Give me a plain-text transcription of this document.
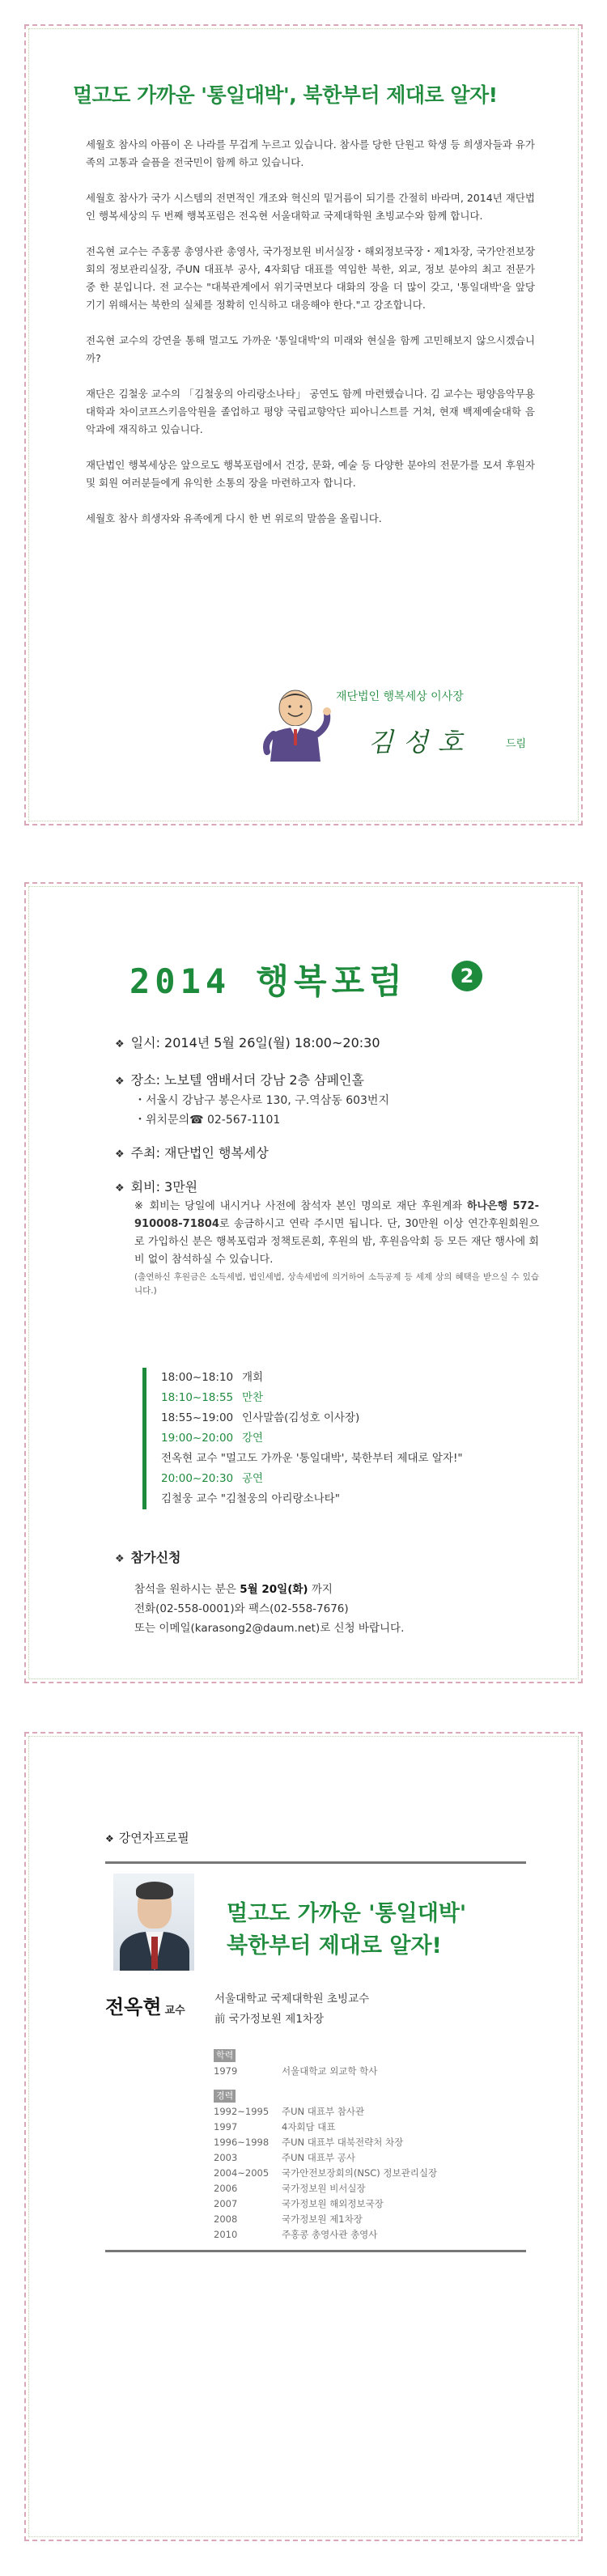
멀고도 가까운 '통일대박', 북한부터 제대로 알자!

세월호 참사의 아픔이 온 나라를 무겁게 누르고 있습니다. 참사를 당한 단원고 학생 등 희생자들과 유가족의 고통과 슬픔을 전국민이 함께 하고 있습니다.

세월호 참사가 국가 시스템의 전면적인 개조와 혁신의 밑거름이 되기를 간절히 바라며, 2014년 재단법인 행복세상의 두 번째 행복포럼은 전옥현 서울대학교 국제대학원 초빙교수와 함께 합니다.

전옥현 교수는 주홍콩 총영사관 총영사, 국가정보원 비서실장・해외정보국장・제1차장, 국가안전보장회의 정보관리실장, 주UN 대표부 공사, 4자회담 대표를 역임한 북한, 외교, 정보 분야의 최고 전문가 중 한 분입니다. 전 교수는 "대북관계에서 위기국면보다 대화의 장을 더 많이 갖고, '통일대박'을 앞당기기 위해서는 북한의 실체를 정확히 인식하고 대응해야 한다."고 강조합니다.

전옥현 교수의 강연을 통해 멀고도 가까운 '통일대박'의 미래와 현실을 함께 고민해보지 않으시겠습니까?

재단은 김철웅 교수의 「김철웅의 아리랑소나타」 공연도 함께 마련했습니다. 김 교수는 평양음악무용대학과 차이코프스키음악원을 졸업하고 평양 국립교향악단 피아니스트를 거쳐, 현재 백제예술대학 음악과에 재직하고 있습니다.

재단법인 행복세상은 앞으로도 행복포럼에서 건강, 문화, 예술 등 다양한 분야의 전문가를 모셔 후원자 및 회원 여러분들에게 유익한 소통의 장을 마련하고자 합니다.

세월호 참사 희생자와 유족에게 다시 한 번 위로의 말씀을 올립니다.

재단법인 행복세상 이사장
김성호	드림
2014 행복포럼	2
❖ 일시: 2014년 5월 26일(월) 18:00~20:30
❖ 장소: 노보텔 앰배서더 강남 2층 샴페인홀
・서울시 강남구 봉은사로 130, 구.역삼동 603번지
・위치문의☎ 02-567-1101
❖ 주최: 재단법인 행복세상
❖ 회비: 3만원
※ 회비는 당일에 내시거나 사전에 참석자 본인 명의로 재단 후원계좌 하나은행 572-910008-71804로 송금하시고 연락 주시면 됩니다. 단, 30만원 이상 연간후원회원으로 가입하신 분은 행복포럼과 정책토론회, 후원의 밤, 후원음악회 등 모든 재단 행사에 회비 없이 참석하실 수 있습니다.
(출연하신 후원금은 소득세법, 법인세법, 상속세법에 의거하여 소득공제 등 세제 상의 혜택을 받으실 수 있습니다.)
18:00~18:10 개회
18:10~18:55 만찬
18:55~19:00 인사말씀(김성호 이사장)
19:00~20:00 강연
전옥현 교수 "멀고도 가까운 '통일대박', 북한부터 제대로 알자!"
20:00~20:30 공연
김철웅 교수 "김철웅의 아리랑소나타"
❖ 참가신청
참석을 원하시는 분은 5월 20일(화) 까지
전화(02-558-0001)와 팩스(02-558-7676)
또는 이메일(karasong2@daum.net)로 신청 바랍니다.
❖ 강연자프로필
멀고도 가까운 '통일대박'
북한부터 제대로 알자!
전옥현 교수
서울대학교 국제대학원 초빙교수
前 국가정보원 제1차장
학력
1979	서울대학교 외교학 학사
경력
1992~1995	주UN 대표부 참사관
1997	4자회담 대표
1996~1998	주UN 대표부 대북전략처 차장
2003	주UN 대표부 공사
2004~2005	국가안전보장회의(NSC) 정보관리실장
2006	국가정보원 비서실장
2007	국가정보원 해외정보국장
2008	국가정보원 제1차장
2010	주홍콩 총영사관 총영사
